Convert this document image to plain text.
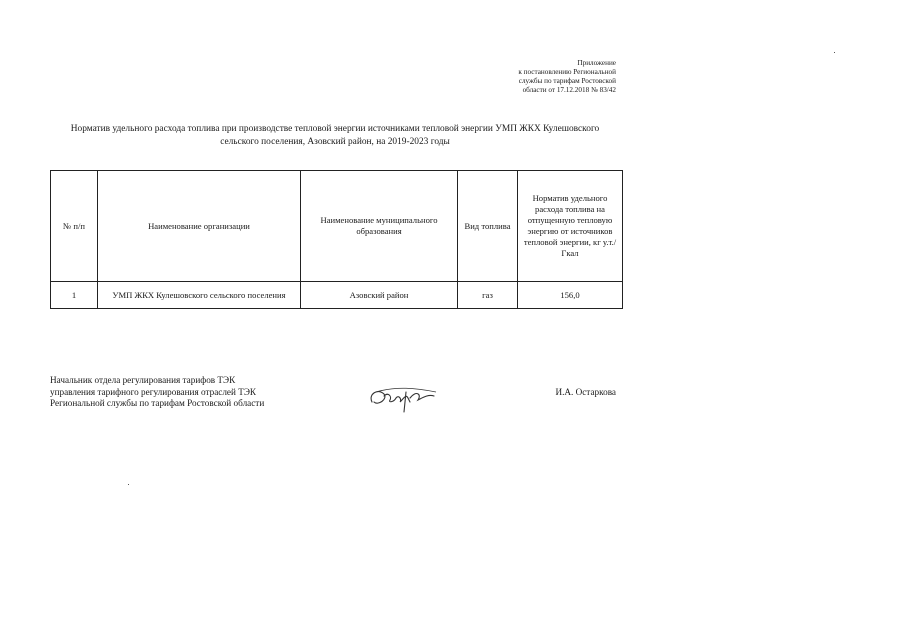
Приложение
к постановлению Региональной
службы по тарифам Ростовской
области от 17.12.2018 № 83/42
Норматив удельного расхода топлива при производстве тепловой энергии источниками тепловой энергии УМП ЖКХ Кулешовского
сельского поселения, Азовский район, на 2019-2023 годы
№ п/п	Наименование организации	Наименование муниципального образования	Вид топлива	Норматив удельного расхода топлива на отпущенную тепловую энергию от источников тепловой энергии, кг у.т./Гкал
1	УМП ЖКХ Кулешовского сельского поселения	Азовский район	газ	156,0
Начальник отдела регулирования тарифов ТЭК
управления тарифного регулирования отраслей ТЭК
Региональной службы по тарифам Ростовской области
И.А. Остаркова
